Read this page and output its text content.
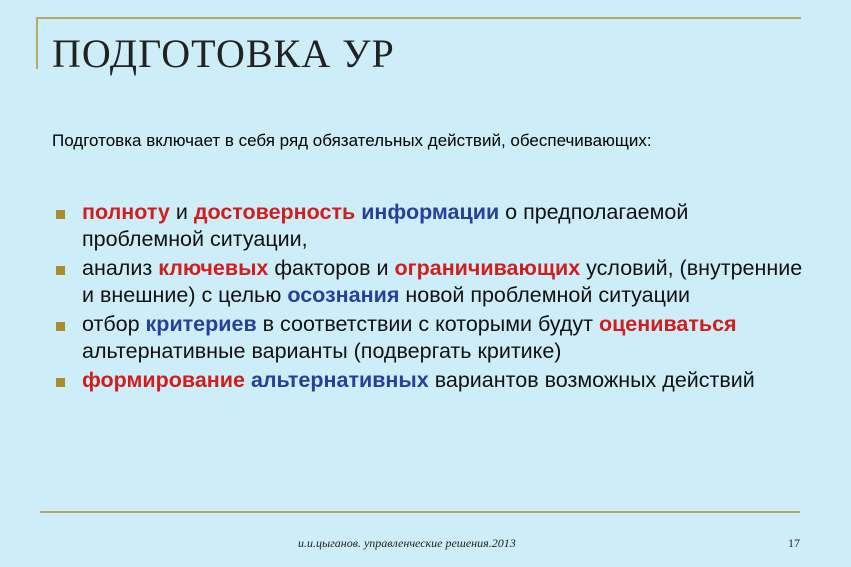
ПОДГОТОВКА УР

Подготовка включает в себя ряд обязательных действий, обеспечивающих:

полноту и достоверность информации о предполагаемой проблемной ситуации,
анализ ключевых факторов и ограничивающих условий, (внутренние и внешние) с целью осознания новой проблемной ситуации
отбор критериев в соответствии с которыми будут оцениваться альтернативные варианты (подвергать критике)
формирование альтернативных вариантов возможных действий
и.и.цыганов. управленческие решения.2013	17
